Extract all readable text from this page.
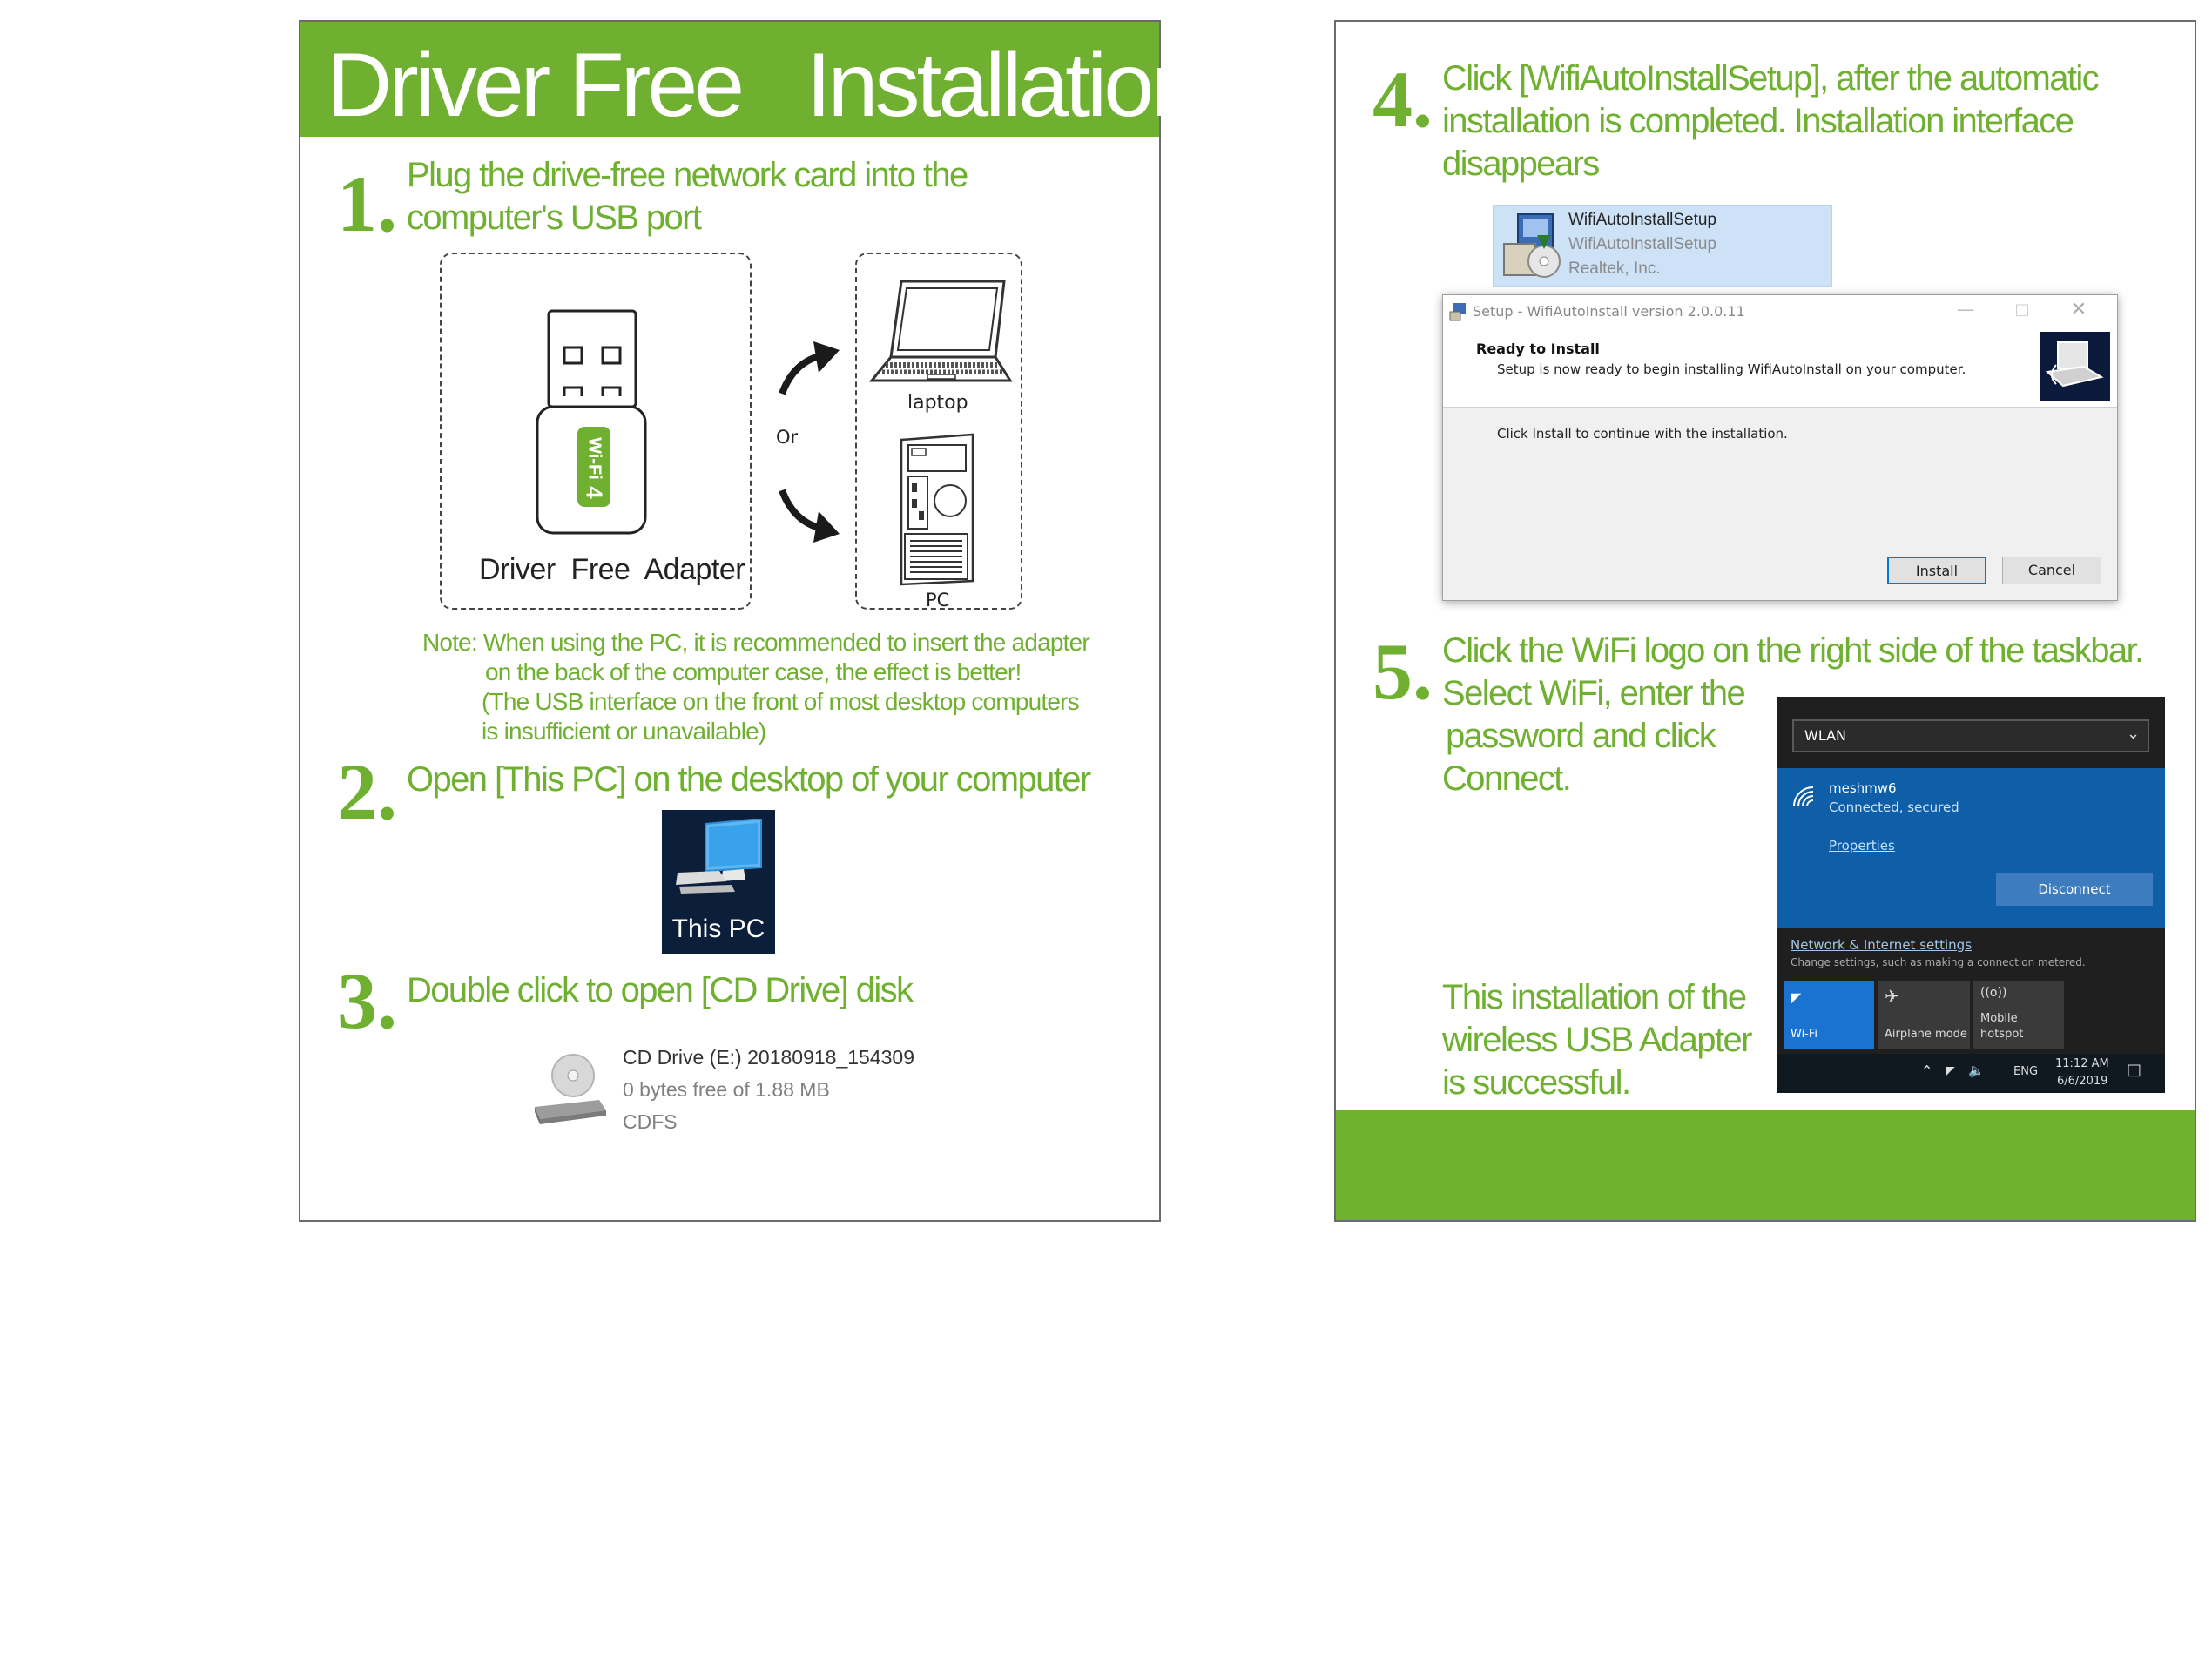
Driver Free   Installation
1. Plug the drive-free network card into the
computer's USB port
Wi-Fi
4
Driver  Free  Adapter
Or
laptop
PC
Note: When using the PC, it is recommended to insert the adapter
on the back of the computer case, the effect is better!
(The USB interface on the front of most desktop computers
is insufficient or unavailable)
2. Open [This PC] on the desktop of your computer
This PC
3. Double click to open [CD Drive] disk
CD Drive (E:) 20180918_154309
0 bytes free of 1.88 MB
CDFS
4. Click [WifiAutoInstallSetup], after the automatic
installation is completed. Installation interface
disappears
WifiAutoInstallSetup
WifiAutoInstallSetup
Realtek, Inc.
Setup - WifiAutoInstall version 2.0.0.11	—	□	✕
Ready to Install
Setup is now ready to begin installing WifiAutoInstall on your computer.
Click Install to continue with the installation.
Install	Cancel
5. Click the WiFi logo on the right side of the taskbar.
Select WiFi, enter the
password and click
Connect.
This installation of the
wireless USB Adapter
is successful.
WLAN	⌄
meshmw6
Connected, secured
Properties
Disconnect
Network & Internet settings
Change settings, such as making a connection metered.
◤
Wi-Fi
✈
Airplane mode
((o))
Mobile
hotspot
⌃ ◤ 🔈	ENG
11:12 AM
6/6/2019
□
